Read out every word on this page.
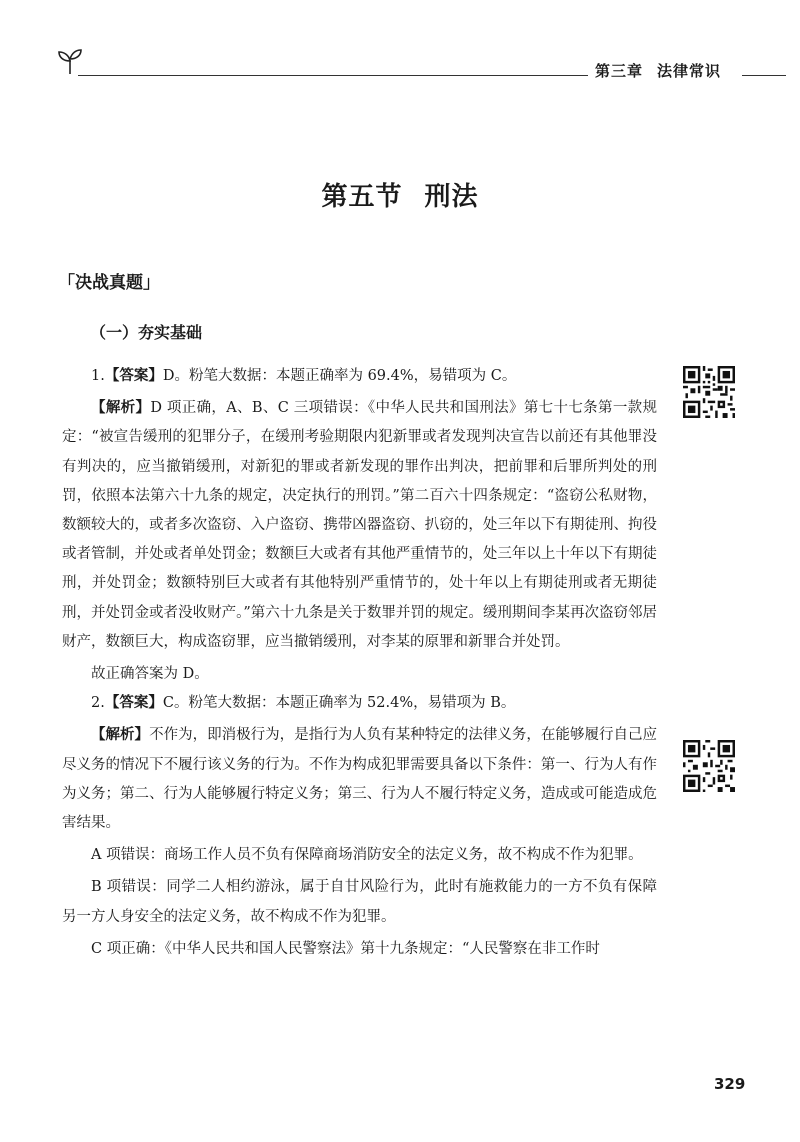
第三章 法律常识
第五节 刑法
「决战真题」
（一）夯实基础

1.【答案】D。粉笔大数据：本题正确率为 69.4%，易错项为 C。

【解析】D 项正确，A、B、C 三项错误：《中华人民共和国刑法》第七十七条第一款规定：“被宣告缓刑的犯罪分子，在缓刑考验期限内犯新罪或者发现判决宣告以前还有其他罪没有判决的，应当撤销缓刑，对新犯的罪或者新发现的罪作出判决，把前罪和后罪所判处的刑罚，依照本法第六十九条的规定，决定执行的刑罚。”第二百六十四条规定：“盗窃公私财物，数额较大的，或者多次盗窃、入户盗窃、携带凶器盗窃、扒窃的，处三年以下有期徒刑、拘役或者管制，并处或者单处罚金；数额巨大或者有其他严重情节的，处三年以上十年以下有期徒刑，并处罚金；数额特别巨大或者有其他特别严重情节的，处十年以上有期徒刑或者无期徒刑，并处罚金或者没收财产。”第六十九条是关于数罪并罚的规定。缓刑期间李某再次盗窃邻居财产，数额巨大，构成盗窃罪，应当撤销缓刑，对李某的原罪和新罪合并处罚。

故正确答案为 D。

2.【答案】C。粉笔大数据：本题正确率为 52.4%，易错项为 B。

【解析】不作为，即消极行为，是指行为人负有某种特定的法律义务，在能够履行自己应尽义务的情况下不履行该义务的行为。不作为构成犯罪需要具备以下条件：第一、行为人有作为义务；第二、行为人能够履行特定义务；第三、行为人不履行特定义务，造成或可能造成危害结果。

A 项错误：商场工作人员不负有保障商场消防安全的法定义务，故不构成不作为犯罪。

B 项错误：同学二人相约游泳，属于自甘风险行为，此时有施救能力的一方不负有保障另一方人身安全的法定义务，故不构成不作为犯罪。

C 项正确：《中华人民共和国人民警察法》第十九条规定：“人民警察在非工作时

329
